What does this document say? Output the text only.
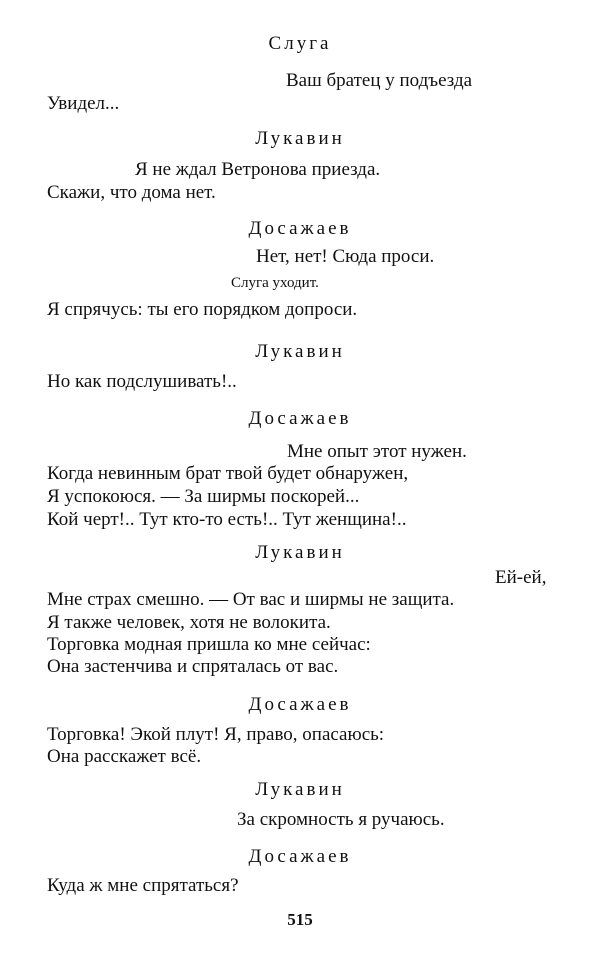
Слуга
Ваш братец у подъезда
Увидел...
Лукавин
Я не ждал Ветронова приезда.
Скажи, что дома нет.
Досажаев
Нет, нет! Сюда проси.
Слуга уходит.
Я спрячусь: ты его порядком допроси.
Лукавин
Но как подслушивать!..
Досажаев
Мне опыт этот нужен.
Когда невинным брат твой будет обнаружен,
Я успокоюся. — За ширмы поскорей...
Кой черт!.. Тут кто-то есть!.. Тут женщина!..
Лукавин
Ей-ей,
Мне страх смешно. — От вас и ширмы не защита.
Я также человек, хотя не волокита.
Торговка модная пришла ко мне сейчас:
Она застенчива и спряталась от вас.
Досажаев
Торговка! Экой плут! Я, право, опасаюсь:
Она расскажет всё.
Лукавин
За скромность я ручаюсь.
Досажаев
Куда ж мне спрятаться?
515
